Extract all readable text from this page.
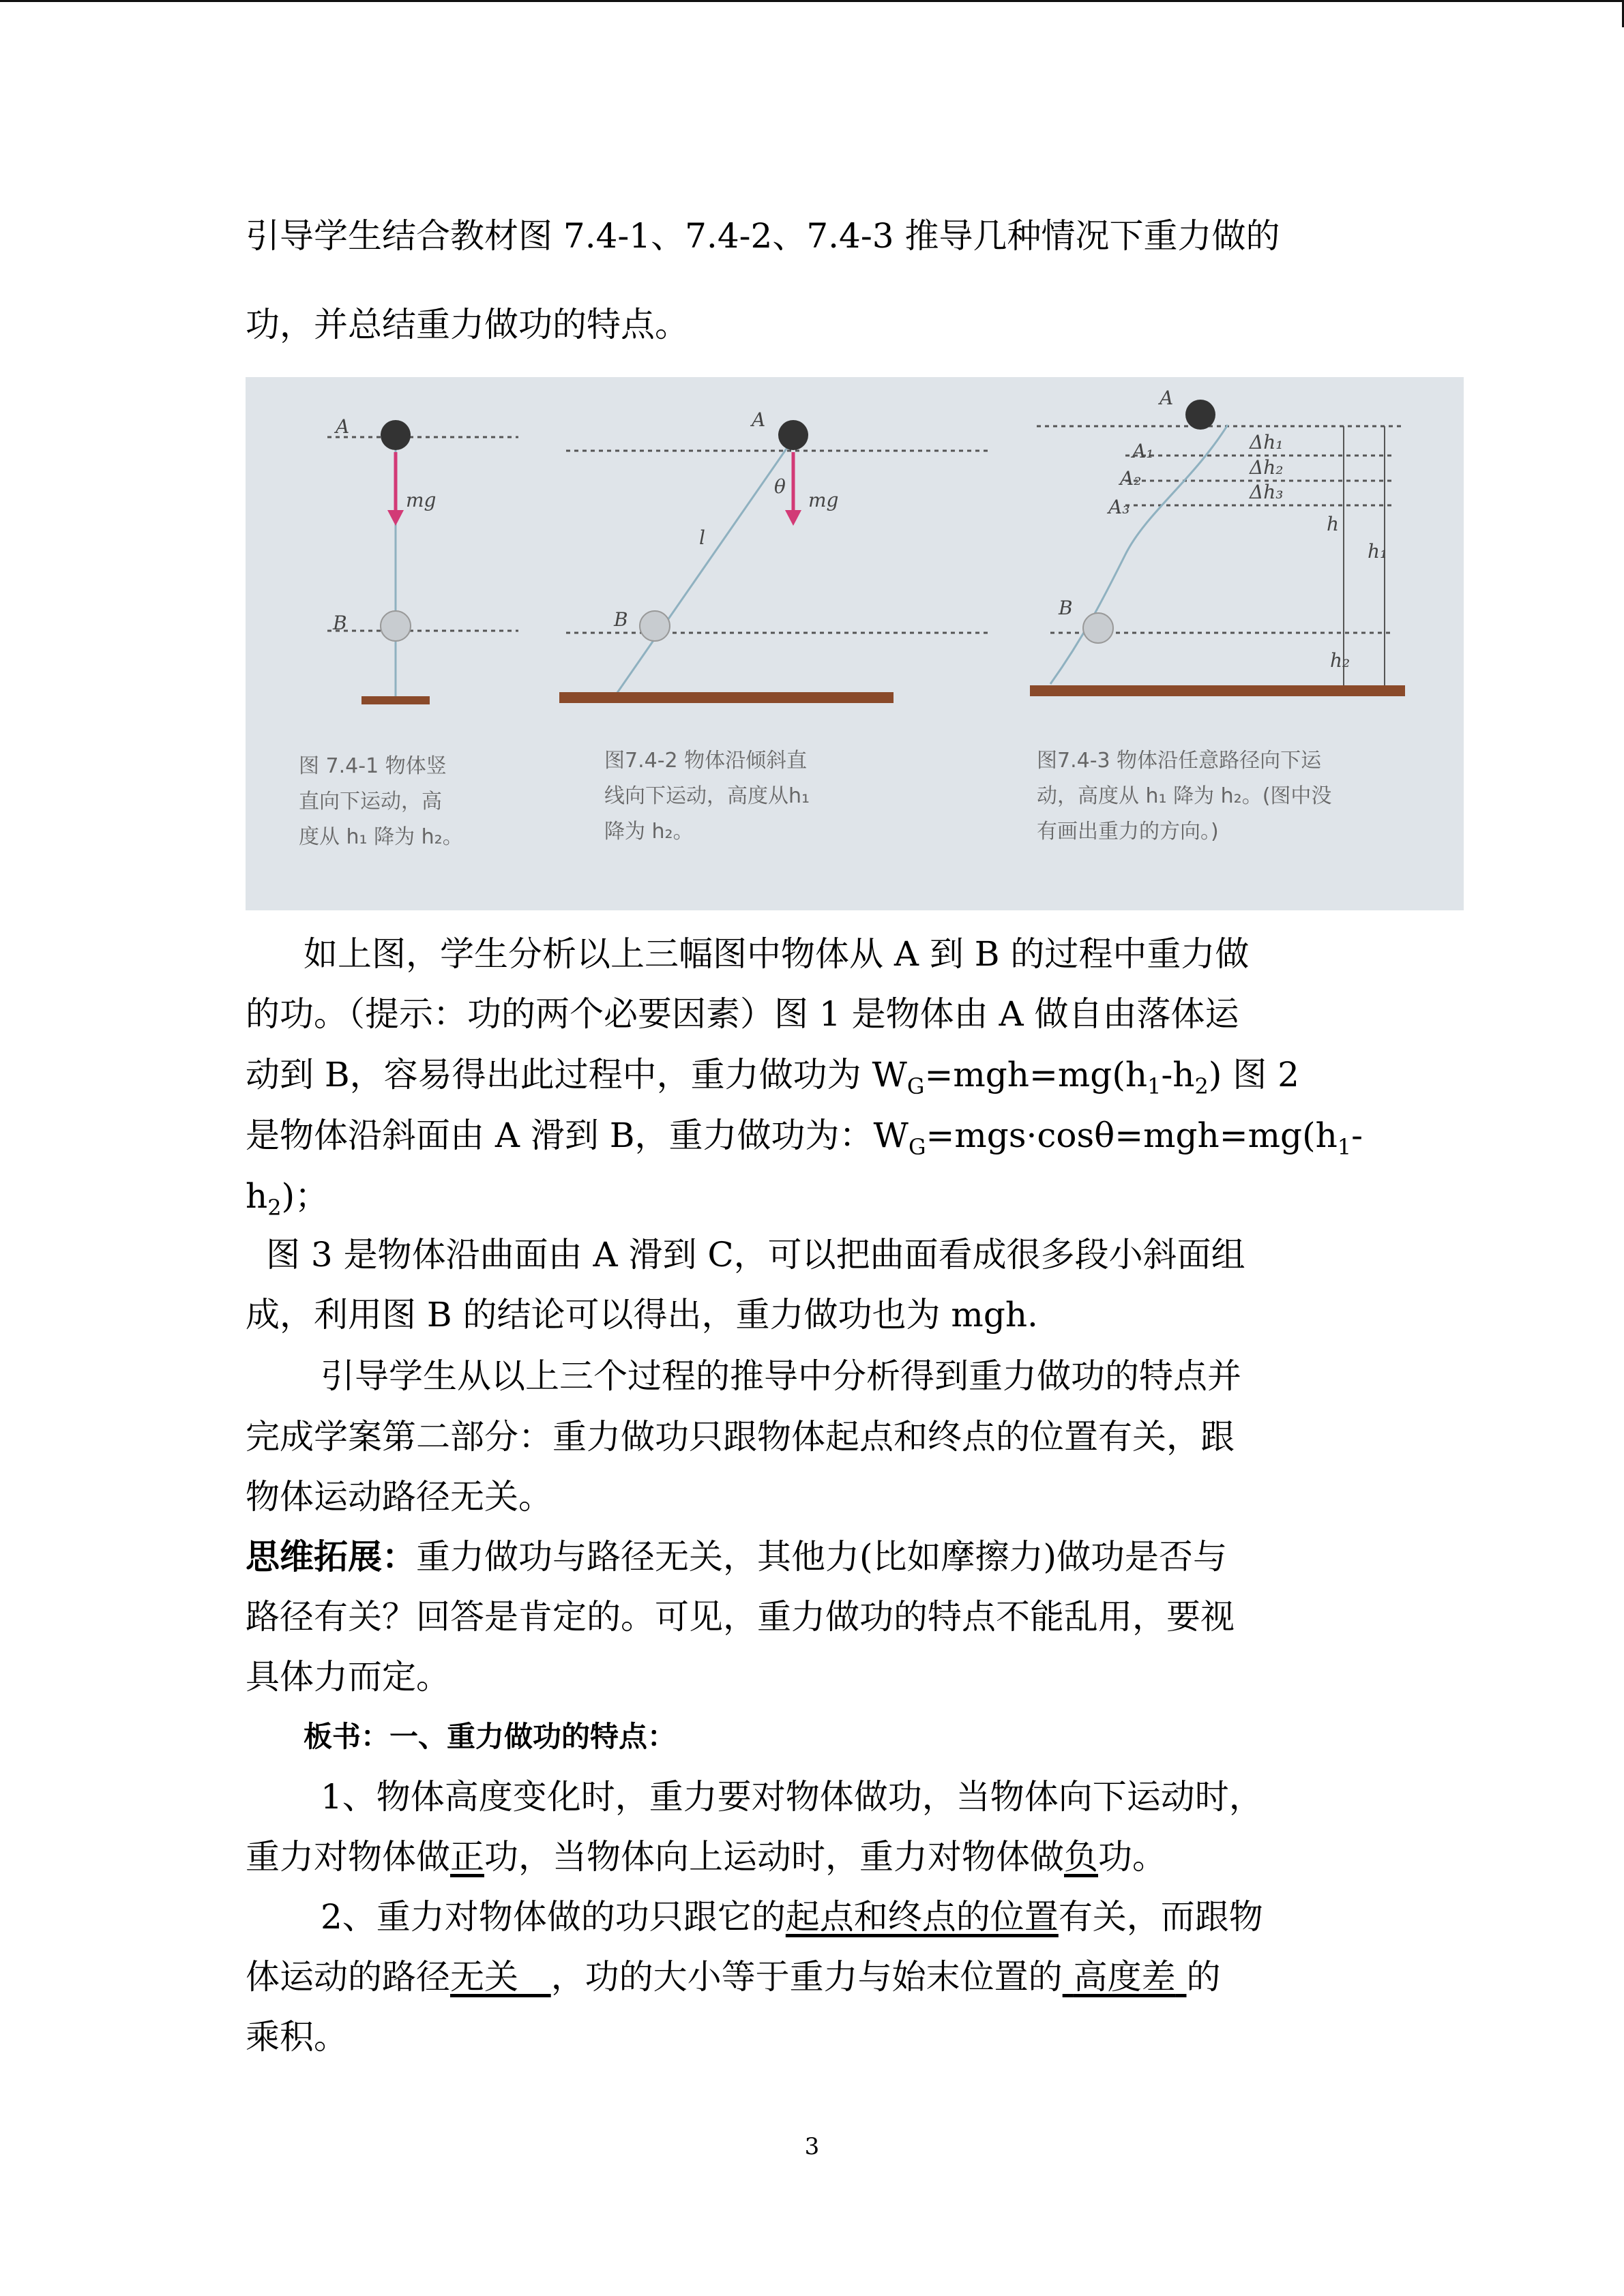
引导学生结合教材图 7.4-1、7.4-2、7.4-3 推导几种情况下重力做的

功，并总结重力做功的特点。

A
B
mg
A
B
mg
θ
l
A
A₁
A₂
A₃
B
Δh₁
Δh₂
Δh₃
h
h₁
h₂
图 7.4-1 物体竖
直向下运动，高
度从 h₁ 降为 h₂。
图7.4-2 物体沿倾斜直
线向下运动，高度从h₁
降为 h₂。
图7.4-3 物体沿任意路径向下运
动，高度从 h₁ 降为 h₂。(图中没
有画出重力的方向。)

如上图，学生分析以上三幅图中物体从 A 到 B 的过程中重力做

的功。（提示：功的两个必要因素）图 1 是物体由 A 做自由落体运

动到 B，容易得出此过程中，重力做功为 $W_G=mgh=mg(h_1-h_2)$ 图 2

是物体沿斜面由 A 滑到 B，重力做功为：$W_G=mgs\cdot\cos\theta=mgh=mg(h_1-$

$h_2$)；

图 3 是物体沿曲面由 A 滑到 C，可以把曲面看成很多段小斜面组

成，利用图 B 的结论可以得出，重力做功也为 mgh.

引导学生从以上三个过程的推导中分析得到重力做功的特点并

完成学案第二部分：重力做功只跟物体起点和终点的位置有关，跟

物体运动路径无关。

思维拓展：重力做功与路径无关，其他力(比如摩擦力)做功是否与

路径有关？回答是肯定的。可见，重力做功的特点不能乱用，要视

具体力而定。

板书：一、重力做功的特点：

1、物体高度变化时，重力要对物体做功，当物体向下运动时，

重力对物体做正功，当物体向上运动时，重力对物体做负功。

2、重力对物体做的功只跟它的起点和终点的位置有关，而跟物

体运动的路径无关 ，功的大小等于重力与始末位置的 高度差 的

乘积。

3
